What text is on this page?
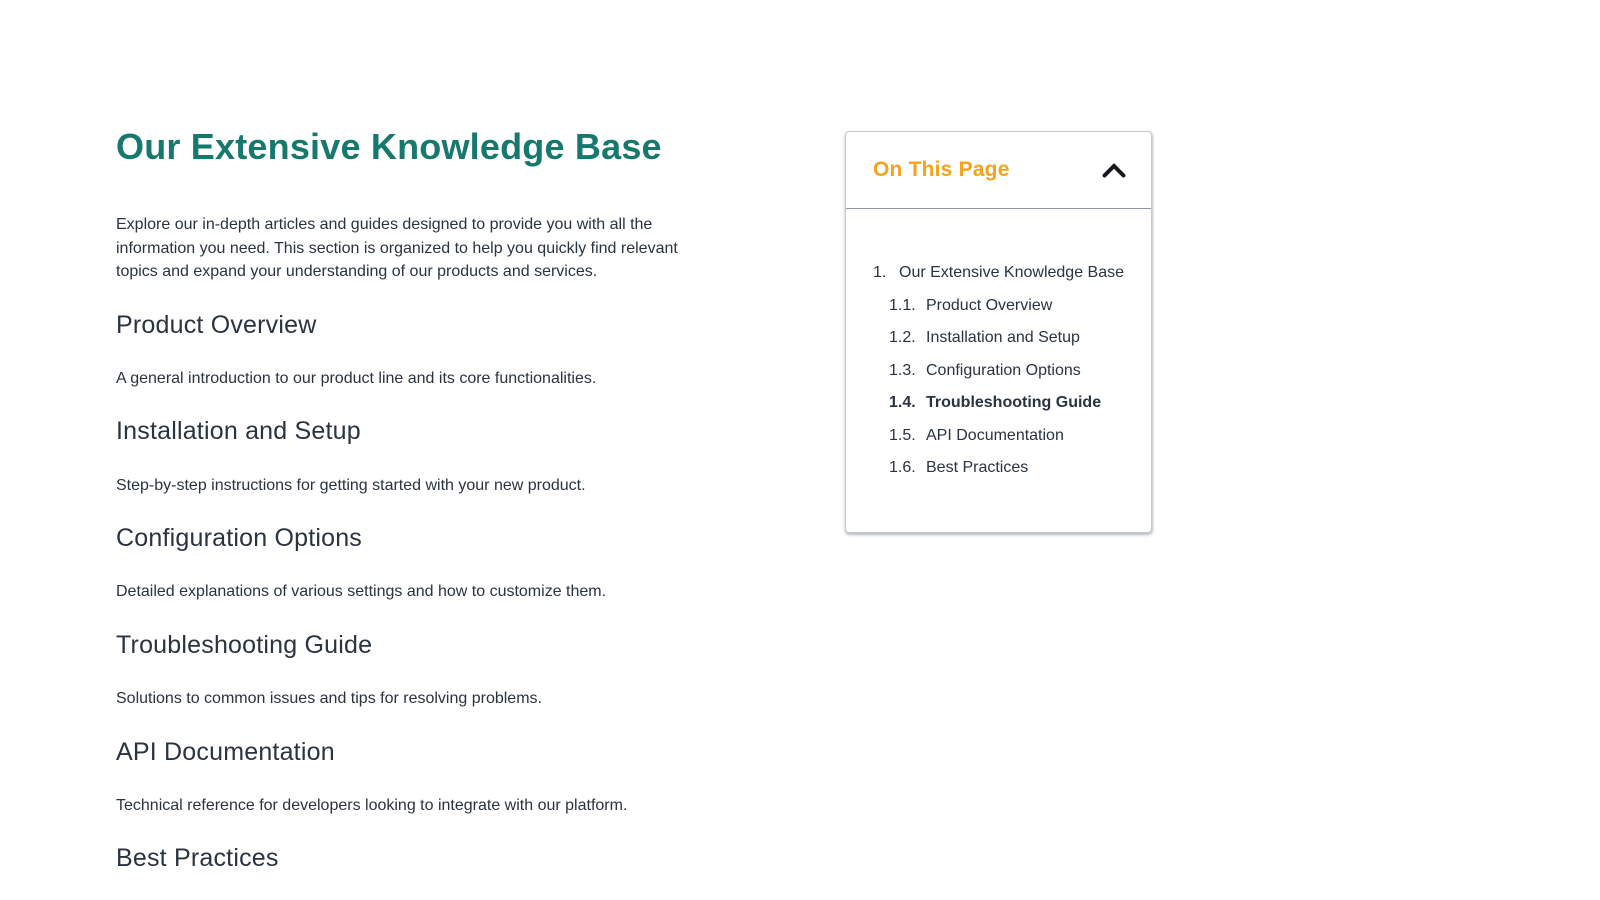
Our Extensive Knowledge Base

Explore our in-depth articles and guides designed to provide you with all the
information you need. This section is organized to help you quickly find relevant
topics and expand your understanding of our products and services.

Product Overview

A general introduction to our product line and its core functionalities.

Installation and Setup

Step-by-step instructions for getting started with your new product.

Configuration Options

Detailed explanations of various settings and how to customize them.

Troubleshooting Guide

Solutions to common issues and tips for resolving problems.

API Documentation

Technical reference for developers looking to integrate with our platform.

Best Practices
On This Page
1. Our Extensive Knowledge Base
1.1. Product Overview
1.2. Installation and Setup
1.3. Configuration Options
1.4. Troubleshooting Guide
1.5. API Documentation
1.6. Best Practices
